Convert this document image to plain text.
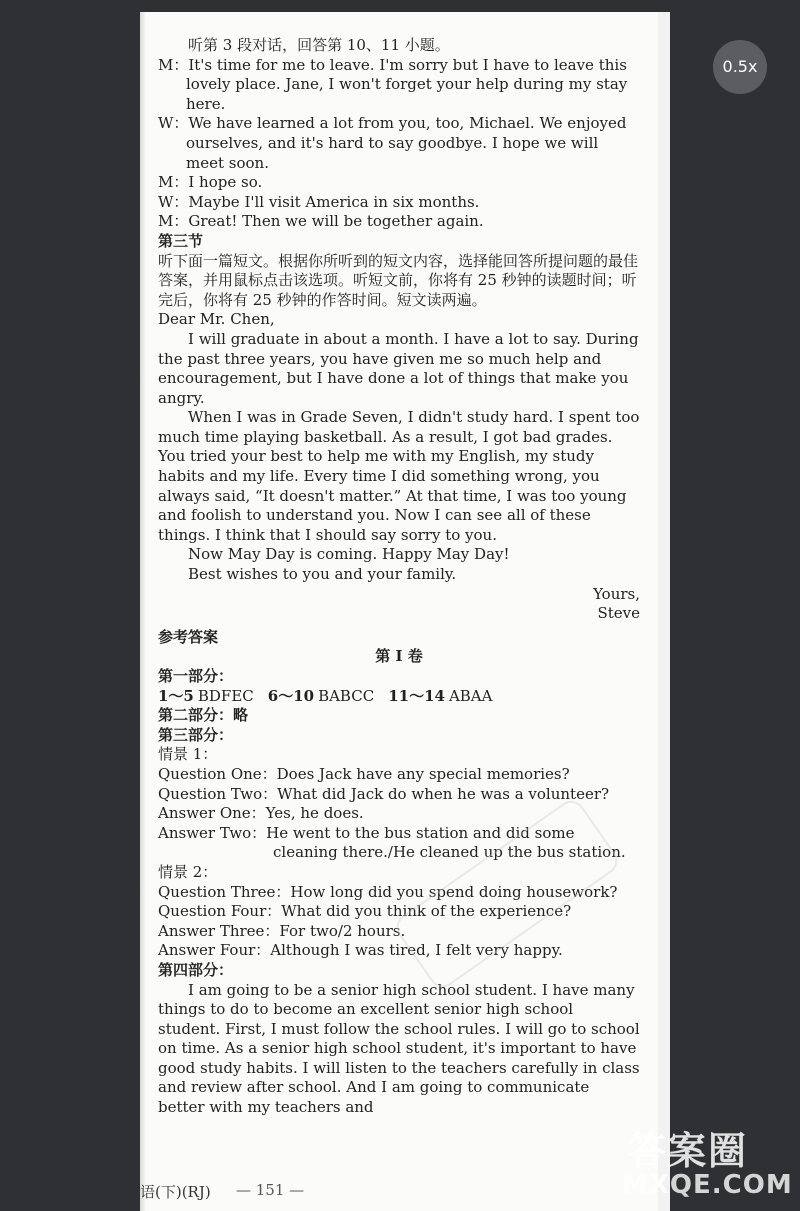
听第 3 段对话，回答第 10、11 小题。

M：It's time for me to leave. I'm sorry but I have to leave this lovely place. Jane, I won't forget your help during my stay here.

W：We have learned a lot from you, too, Michael. We enjoyed ourselves, and it's hard to say goodbye. I hope we will meet soon.

M：I hope so.

W：Maybe I'll visit America in six months.

M：Great! Then we will be together again.

第三节

听下面一篇短文。根据你所听到的短文内容，选择能回答所提问题的最佳答案，并用鼠标点击该选项。听短文前，你将有 25 秒钟的读题时间；听完后，你将有 25 秒钟的作答时间。短文读两遍。

Dear Mr. Chen,

I will graduate in about a month. I have a lot to say. During the past three years, you have given me so much help and encouragement, but I have done a lot of things that make you angry.

When I was in Grade Seven, I didn't study hard. I spent too much time playing basketball. As a result, I got bad grades. You tried your best to help me with my English, my study habits and my life. Every time I did something wrong, you always said, “It doesn't matter.” At that time, I was too young and foolish to understand you. Now I can see all of these things. I think that I should say sorry to you.

Now May Day is coming. Happy May Day!

Best wishes to you and your family.

Yours,

Steve

参考答案

第 I 卷

第一部分：

1～5 BDFEC 6～10 BABCC 11～14 ABAA

第二部分：略

第三部分：

情景 1：

Question One：Does Jack have any special memories?

Question Two：What did Jack do when he was a volunteer?

Answer One：Yes, he does.

Answer Two：He went to the bus station and did some

cleaning there./He cleaned up the bus station.

情景 2：

Question Three：How long did you spend doing housework?

Question Four：What did you think of the experience?

Answer Three：For two/2 hours.

Answer Four：Although I was tired, I felt very happy.

第四部分：

I am going to be a senior high school student. I have many things to do to become an excellent senior high school student. First, I must follow the school rules. I will go to school on time. As a senior high school student, it's important to have good study habits. I will listen to the teachers carefully in class and review after school. And I am going to communicate better with my teachers and

语(下)(RJ) — 151 —
0.5x
答案圈
MXQE.COM
